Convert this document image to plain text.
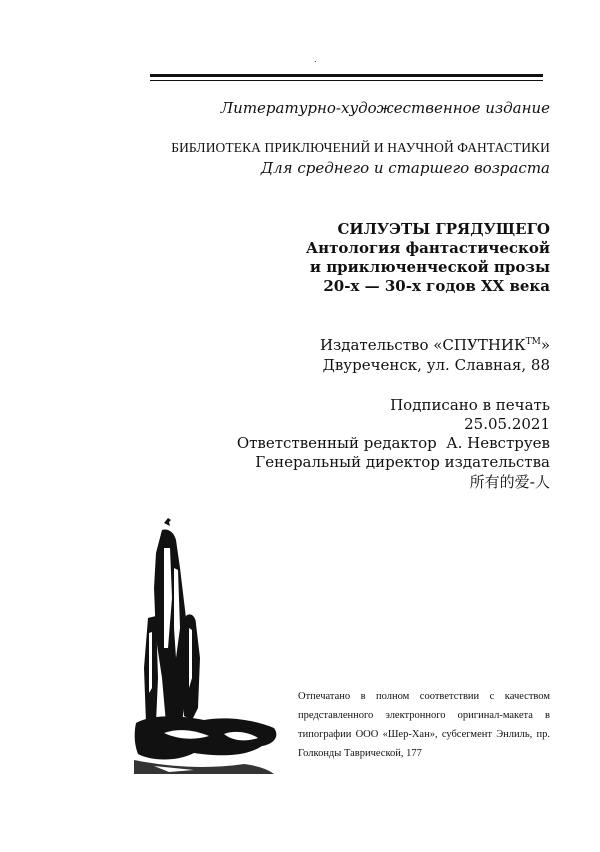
.
Литературно-художественное издание
БИБЛИОТЕКА ПРИКЛЮЧЕНИЙ И НАУЧНОЙ ФАНТАСТИКИ
Для среднего и старшего возраста
СИЛУЭТЫ ГРЯДУЩЕГО
Антология фантастической
и приключенческой прозы
20-х — 30-х годов XX века
Издательство «СПУТНИК™»
Двуреченск, ул. Славная, 88
Подписано в печать
25.05.2021
Ответственный редактор  А. Невструев
Генеральный директор издательства
所有的爱-人
Отпечатано в полном соответствии с качеством представленного электронного оригинал-макета в типографии ООО «Шер-Хан», субсегмент Энлиль, пр. Голконды Таврической, 177
